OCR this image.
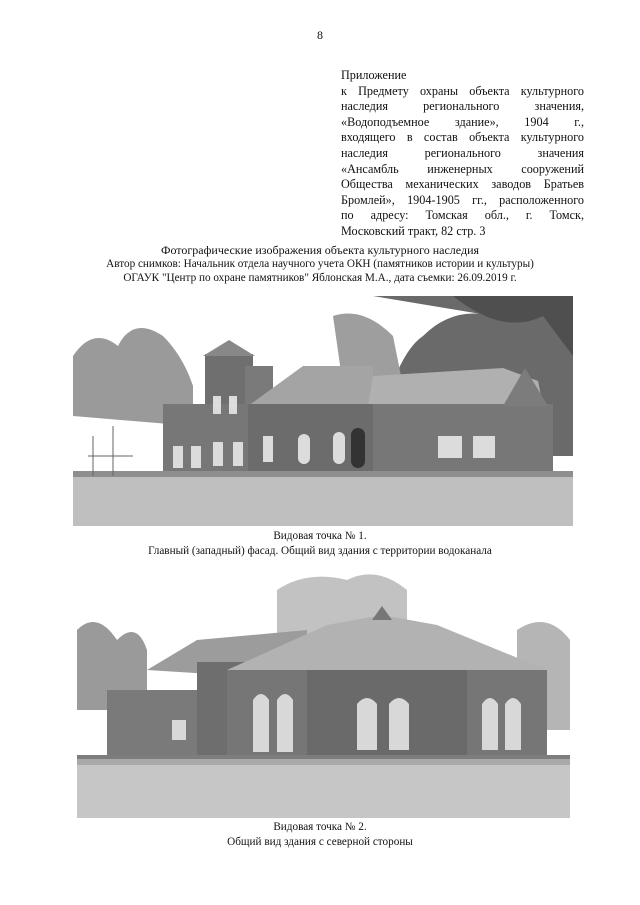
8
Приложение
к Предмету охраны объекта культурного
наследия регионального значения,
«Водоподъемное здание», 1904 г.,
входящего в состав объекта культурного
наследия регионального значения
«Ансамбль инженерных сооружений
Общества механических заводов Братьев
Бромлей», 1904-1905 гг., расположенного
по адресу: Томская обл., г. Томск,
Московский тракт, 82 стр. 3
Фотографические изображения объекта культурного наследия
Автор снимков: Начальник отдела научного учета ОКН (памятников истории и культуры)
ОГАУК "Центр по охране памятников" Яблонская М.А., дата съемки: 26.09.2019 г.
Видовая точка № 1.
Главный (западный) фасад. Общий вид здания с территории водоканала
Видовая точка № 2.
Общий вид здания с северной стороны
